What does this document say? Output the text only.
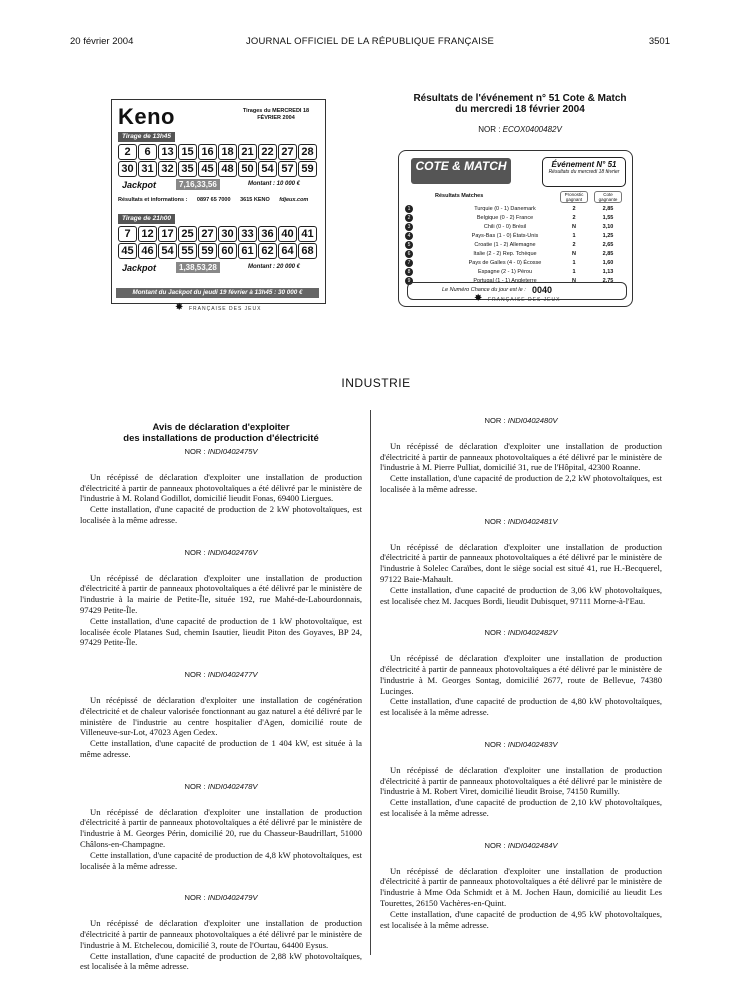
20 février 2004	JOURNAL OFFICIEL DE LA RÉPUBLIQUE FRANÇAISE	3501
Keno	Tirages du MERCREDI 18 FÉVRIER 2004
Tirage de 13h45
2	6 13 15 16 18 21 22 27 28
30 31 32 35 45 48 50 54 57 59
Jackpot	7,16,33,56	Montant : 10 000 €
Résultats et informations : 0897 65 7000 3615 KENO fdjeux.com
Tirage de 21h00
7 12 17 25 27 30 33 36 40 41
45 46 54 55 59 60 61 62 64 68
Jackpot	1,38,53,28	Montant : 20 000 €
Montant du Jackpot du jeudi 19 février à 13h45 : 30 000 €
✸ FRANÇAISE DES JEUX
Résultats de l'événement n° 51 Cote & Match
du mercredi 18 février 2004
NOR : ECOX0400482V
COTE & MATCH	Événement N° 51
Résultats du mercredi 18 février
Résultats Matches	Pronostic gagnant
Cote gagnante
1	Turquie (0 - 1) Danemark	2	2,85
2	Belgique (0 - 2) France	2	1,55
3	Chili (0 - 0) Brésil	N	3,10
4	Pays-Bas (1 - 0) États-Unis	1	1,25
5	Croatie (1 - 2) Allemagne	2	2,65
6	Italie (2 - 2) Rep. Tchèque	N	2,85
7	Pays de Galles (4 - 0) Écosse	1	1,60
8	Espagne (2 - 1) Pérou	1	1,13
9	Portugal (1 - 1) Angleterre	N	2,75
Le Numéro Chance du jour est le : 0040
✸ FRANÇAISE DES JEUX
INDUSTRIE
Avis de déclaration d'exploiter
des installations de production d'électricité
NOR : INDI0402475V

Un récépissé de déclaration d'exploiter une installation de production d'électricité à partir de panneaux photovoltaïques a été délivré par le ministère de l'industrie à M. Roland Godillot, domicilié lieudit Fonas, 69400 Liergues.

Cette installation, d'une capacité de production de 2 kW photovoltaïques, est localisée à la même adresse.

NOR : INDI0402476V

Un récépissé de déclaration d'exploiter une installation de production d'électricité à partir de panneaux photovoltaïques a été délivré par le ministère de l'industrie à la mairie de Petite-Île, située 192, rue Mahé-de-Labourdonnais, 97429 Petite-Île.

Cette installation, d'une capacité de production de 1 kW photovoltaïque, est localisée école Platanes Sud, chemin Isautier, lieudit Piton des Goyaves, BP 24, 97429 Petite-Île.

NOR : INDI0402477V

Un récépissé de déclaration d'exploiter une installation de cogénération d'électricité et de chaleur valorisée fonctionnant au gaz naturel a été délivré par le ministère de l'industrie au centre hospitalier d'Agen, domicilié route de Villeneuve-sur-Lot, 47023 Agen Cedex.

Cette installation, d'une capacité de production de 1 404 kW, est située à la même adresse.

NOR : INDI0402478V

Un récépissé de déclaration d'exploiter une installation de production d'électricité à partir de panneaux photovoltaïques a été délivré par le ministère de l'industrie à M. Georges Périn, domicilié 20, rue du Chasseur-Baudrillart, 51000 Châlons-en-Champagne.

Cette installation, d'une capacité de production de 4,8 kW photovoltaïques, est localisée à la même adresse.

NOR : INDI0402479V

Un récépissé de déclaration d'exploiter une installation de production d'électricité à partir de panneaux photovoltaïques a été délivré par le ministère de l'industrie à M. Etchelecou, domicilié 3, route de l'Ourtau, 64400 Eysus.

Cette installation, d'une capacité de production de 2,88 kW photovoltaïques, est localisée à la même adresse.

NOR : INDI0402480V

Un récépissé de déclaration d'exploiter une installation de production d'électricité à partir de panneaux photovoltaïques a été délivré par le ministère de l'industrie à M. Pierre Pulliat, domicilié 31, rue de l'Hôpital, 42300 Roanne.

Cette installation, d'une capacité de production de 2,2 kW photovoltaïques, est localisée à la même adresse.

NOR : INDI0402481V

Un récépissé de déclaration d'exploiter une installation de production d'électricité à partir de panneaux photovoltaïques a été délivré par le ministère de l'industrie à Solelec Caraïbes, dont le siège social est situé 41, rue H.-Becquerel, 97122 Baie-Mahault.

Cette installation, d'une capacité de production de 3,06 kW photovoltaïques, est localisée chez M. Jacques Bordi, lieudit Dubisquet, 97111 Morne-à-l'Eau.

NOR : INDI0402482V

Un récépissé de déclaration d'exploiter une installation de production d'électricité à partir de panneaux photovoltaïques a été délivré par le ministère de l'industrie à M. Georges Sontag, domicilié 2677, route de Bellevue, 74380 Lucinges.

Cette installation, d'une capacité de production de 4,80 kW photovoltaïques, est localisée à la même adresse.

NOR : INDI0402483V

Un récépissé de déclaration d'exploiter une installation de production d'électricité à partir de panneaux photovoltaïques a été délivré par le ministère de l'industrie à M. Robert Viret, domicilié lieudit Broise, 74150 Rumilly.

Cette installation, d'une capacité de production de 2,10 kW photovoltaïques, est localisée à la même adresse.

NOR : INDI0402484V

Un récépissé de déclaration d'exploiter une installation de production d'électricité à partir de panneaux photovoltaïques a été délivré par le ministère de l'industrie à Mme Oda Schmidt et à M. Jochen Haun, domicilié au lieudit Les Tourettes, 26150 Vachères-en-Quint.

Cette installation, d'une capacité de production de 4,95 kW photovoltaïques, est localisée à la même adresse.
